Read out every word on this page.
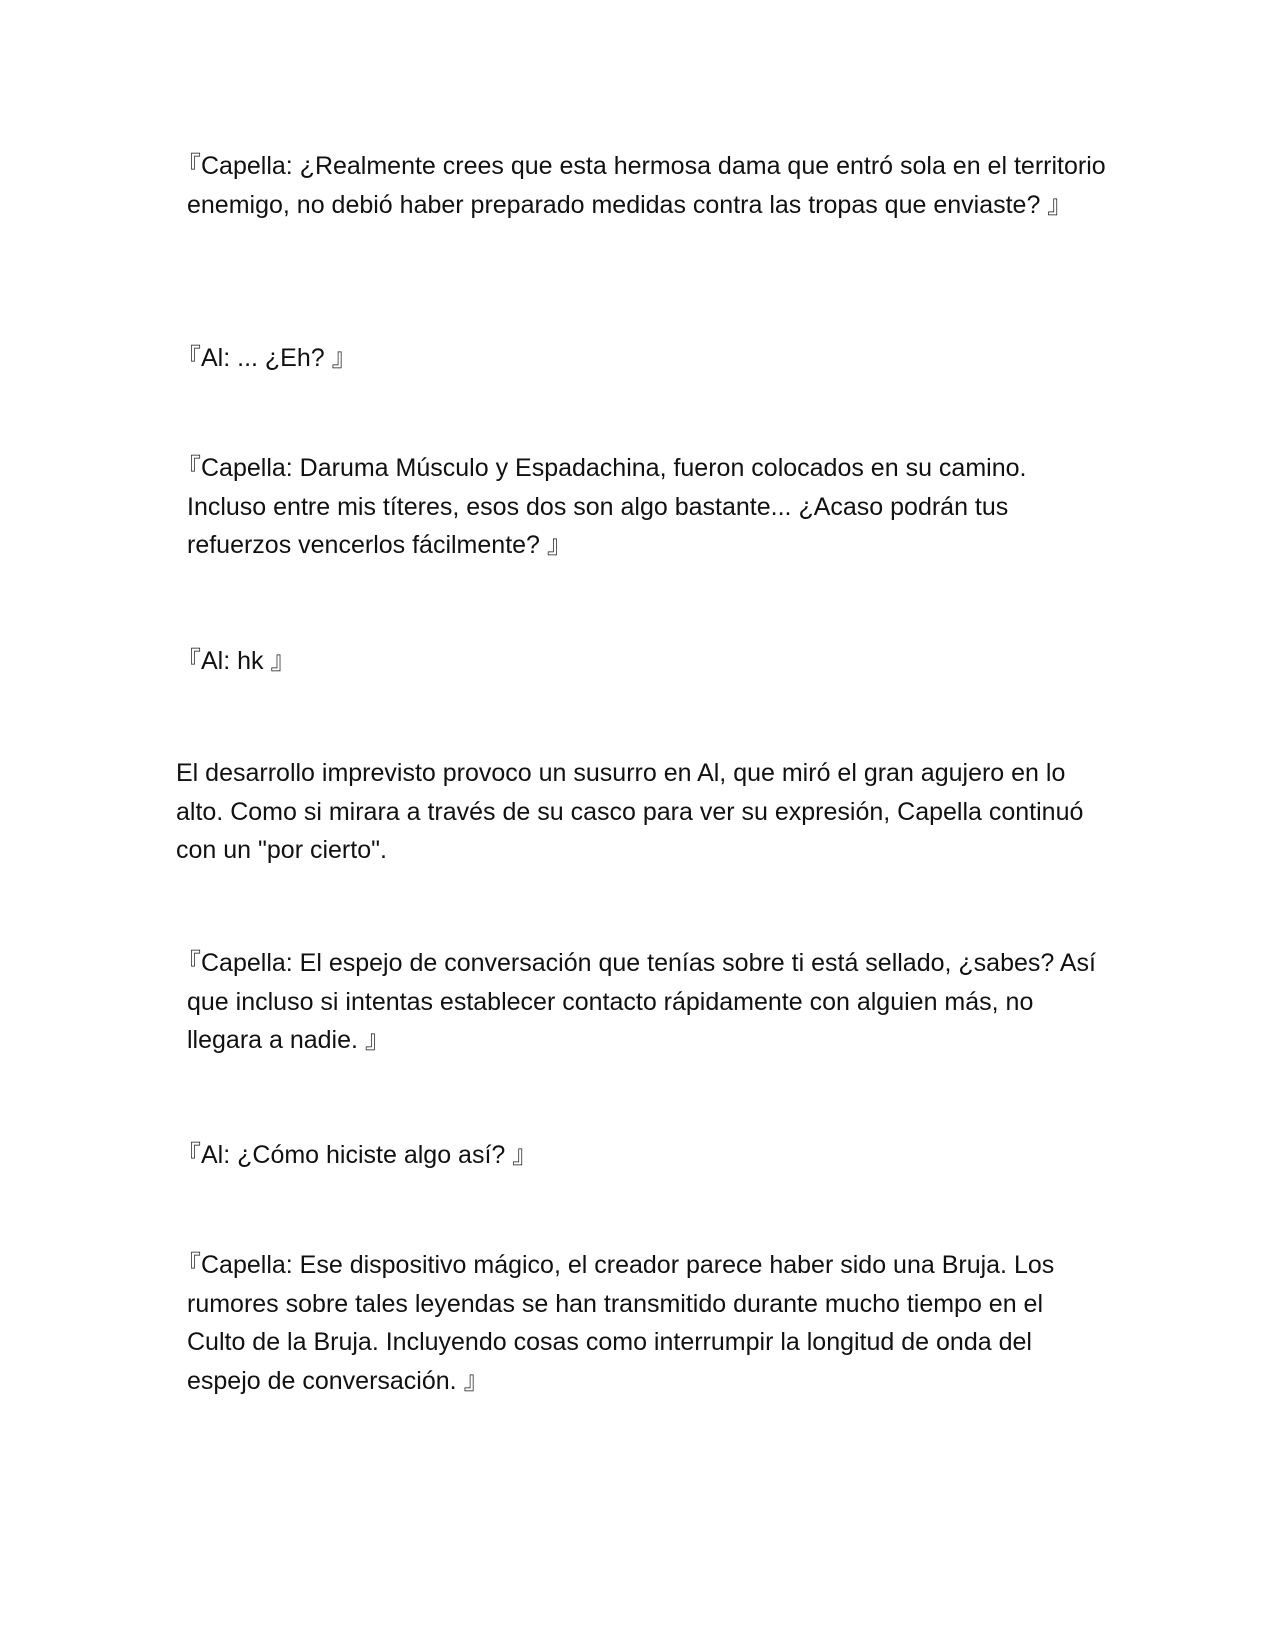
『Capella: ¿Realmente crees que esta hermosa dama que entró sola en el territorio enemigo, no debió haber preparado medidas contra las tropas que enviaste? 』

『Al: ... ¿Eh? 』

『Capella: Daruma Músculo y Espadachina, fueron colocados en su camino. Incluso entre mis títeres, esos dos son algo bastante... ¿Acaso podrán tus refuerzos vencerlos fácilmente? 』

『Al: hk 』

El desarrollo imprevisto provoco un susurro en Al, que miró el gran agujero en lo alto. Como si mirara a través de su casco para ver su expresión, Capella continuó con un "por cierto".

『Capella: El espejo de conversación que tenías sobre ti está sellado, ¿sabes? Así que incluso si intentas establecer contacto rápidamente con alguien más, no llegara a nadie. 』

『Al: ¿Cómo hiciste algo así? 』

『Capella: Ese dispositivo mágico, el creador parece haber sido una Bruja. Los rumores sobre tales leyendas se han transmitido durante mucho tiempo en el Culto de la Bruja. Incluyendo cosas como interrumpir la longitud de onda del espejo de conversación. 』
